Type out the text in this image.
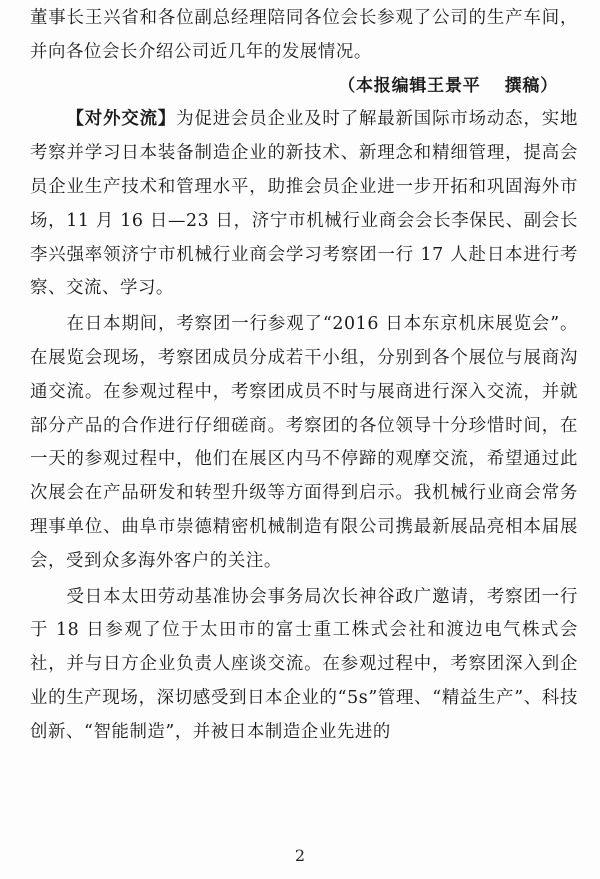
董事长王兴省和各位副总经理陪同各位会长参观了公司的生产车间，并向各位会长介绍公司近几年的发展情况。

（本报编辑王景平 撰稿）

【对外交流】为促进会员企业及时了解最新国际市场动态，实地考察并学习日本装备制造企业的新技术、新理念和精细管理，提高会员企业生产技术和管理水平，助推会员企业进一步开拓和巩固海外市场，11 月 16 日—23 日，济宁市机械行业商会会长李保民、副会长李兴强率领济宁市机械行业商会学习考察团一行 17 人赴日本进行考察、交流、学习。

在日本期间，考察团一行参观了“2016 日本东京机床展览会”。在展览会现场，考察团成员分成若干小组，分别到各个展位与展商沟通交流。在参观过程中，考察团成员不时与展商进行深入交流，并就部分产品的合作进行仔细磋商。考察团的各位领导十分珍惜时间，在一天的参观过程中，他们在展区内马不停蹄的观摩交流，希望通过此次展会在产品研发和转型升级等方面得到启示。我机械行业商会常务理事单位、曲阜市崇德精密机械制造有限公司携最新展品亮相本届展会，受到众多海外客户的关注。

受日本太田劳动基准协会事务局次长神谷政广邀请，考察团一行于 18 日参观了位于太田市的富士重工株式会社和渡边电气株式会社，并与日方企业负责人座谈交流。在参观过程中，考察团深入到企业的生产现场，深切感受到日本企业的“5s”管理、“精益生产”、科技创新、“智能制造”，并被日本制造企业先进的

2
